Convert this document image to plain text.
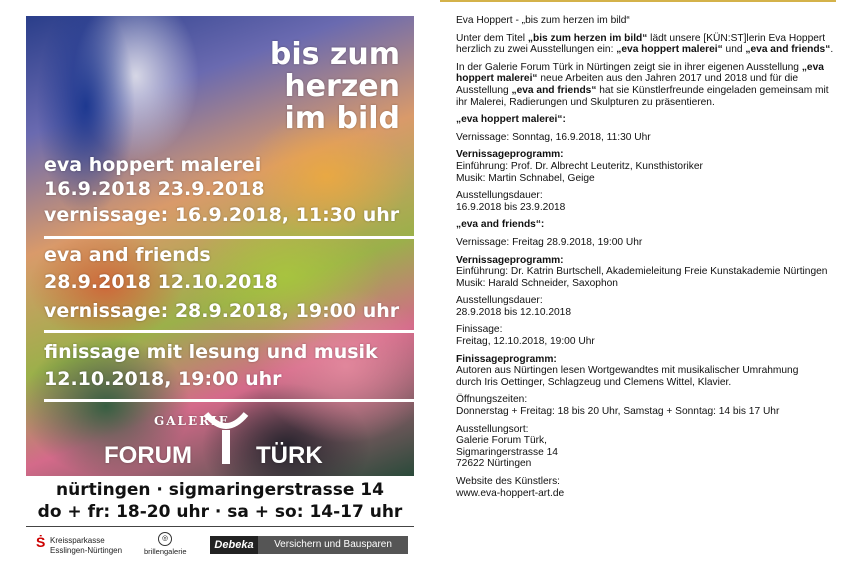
bis zum
herzen
im bild
eva hoppert malerei
16.9.2018 23.9.2018
vernissage: 16.9.2018, 11:30 uhr
eva and friends
28.9.2018 12.10.2018
vernissage: 28.9.2018, 19:00 uhr
finissage mit lesung und musik
12.10.2018, 19:00 uhr
GALERIE
FORUM	TÜRK
nürtingen · sigmaringerstrasse 14
do + fr: 18-20 uhr · sa + so: 14-17 uhr
Ṡ Kreissparkasse
Esslingen-Nürtingen
◎
brillengalerie
Debeka	Versichern und Bausparen

Eva Hoppert - „bis zum herzen im bild“

Unter dem Titel „bis zum herzen im bild“ lädt unsere [KÜN:ST]lerin Eva Hoppert herzlich zu zwei Ausstellungen ein: „eva hoppert malerei“ und „eva and friends“.

In der Galerie Forum Türk in Nürtingen zeigt sie in ihrer eigenen Ausstellung „eva hoppert malerei“ neue Arbeiten aus den Jahren 2017 und 2018 und für die Ausstellung „eva and friends“ hat sie Künstlerfreunde eingeladen gemeinsam mit ihr Malerei, Radierungen und Skulpturen zu präsentieren.

„eva hoppert malerei“:

Vernissage: Sonntag, 16.9.2018, 11:30 Uhr

Vernissageprogramm:
Einführung: Prof. Dr. Albrecht Leuteritz, Kunsthistoriker
Musik: Martin Schnabel, Geige

Ausstellungsdauer:
16.9.2018 bis 23.9.2018

„eva and friends“:

Vernissage: Freitag 28.9.2018, 19:00 Uhr

Vernissageprogramm:
Einführung: Dr. Katrin Burtschell, Akademieleitung Freie Kunstakademie Nürtingen
Musik: Harald Schneider, Saxophon

Ausstellungsdauer:
28.9.2018 bis 12.10.2018

Finissage:
Freitag, 12.10.2018, 19:00 Uhr

Finissageprogramm:
Autoren aus Nürtingen lesen Wortgewandtes mit musikalischer Umrahmung
durch Iris Oettinger, Schlagzeug und Clemens Wittel, Klavier.

Öffnungszeiten:
Donnerstag + Freitag: 18 bis 20 Uhr, Samstag + Sonntag: 14 bis 17 Uhr

Ausstellungsort:
Galerie Forum Türk,
Sigmaringerstrasse 14
72622 Nürtingen

Website des Künstlers:
www.eva-hoppert-art.de
